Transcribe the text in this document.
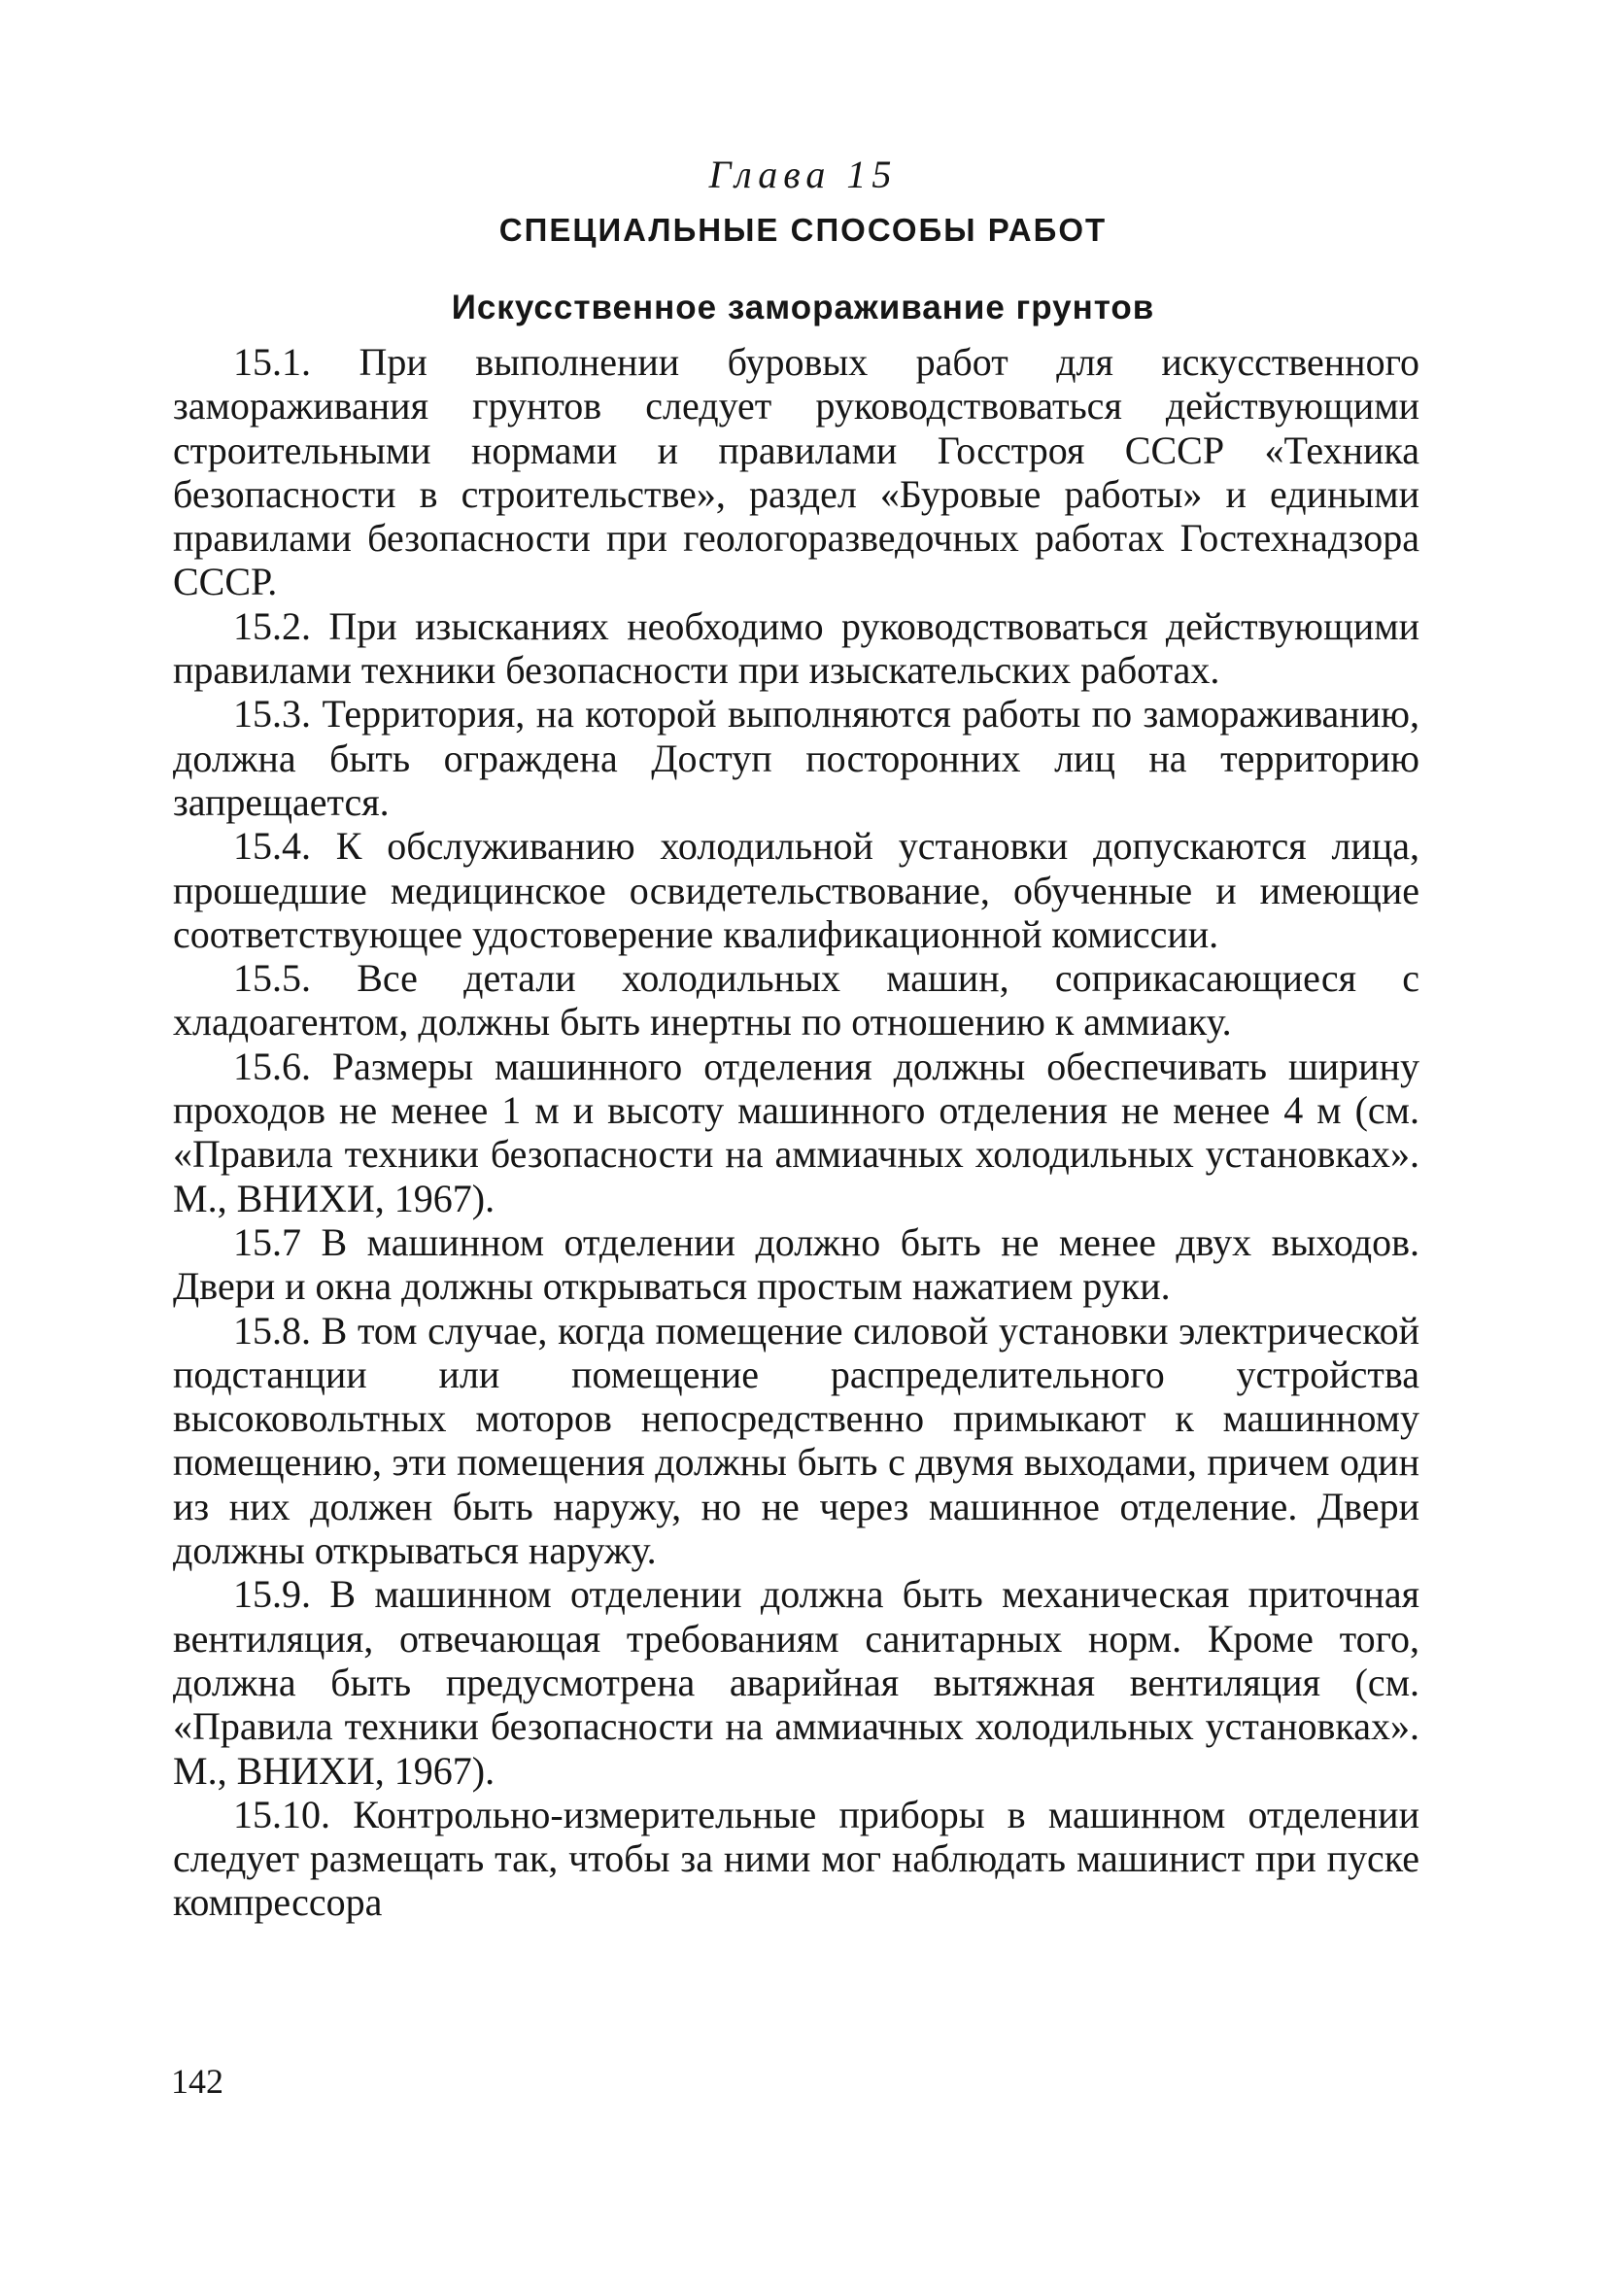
Глава 15
СПЕЦИАЛЬНЫЕ СПОСОБЫ РАБОТ
Искусственное замораживание грунтов

15.1. При выполнении буровых работ для искусственного замораживания грунтов следует руководствоваться действующими строительными нормами и правилами Госстроя СССР «Техника безопасности в строительстве», раздел «Буровые работы» и едиными правилами безопасности при геологоразведочных работах Гостехнадзора СССР.

15.2. При изысканиях необходимо руководствоваться действующими правилами техники безопасности при изыскательских работах.

15.3. Территория, на которой выполняются работы по замораживанию, должна быть ограждена Доступ посторонних лиц на территорию запрещается.

15.4. К обслуживанию холодильной установки допускаются лица, прошедшие медицинское освидетельствование, обученные и имеющие соответствующее удостоверение квалификационной комиссии.

15.5. Все детали холодильных машин, соприкасающиеся с хладоагентом, должны быть инертны по отношению к аммиаку.

15.6. Размеры машинного отделения должны обеспечивать ширину проходов не менее 1 м и высоту машинного отделения не менее 4 м (см. «Правила техники безопасности на аммиачных холодильных установках». М., ВНИХИ, 1967).

15.7 В машинном отделении должно быть не менее двух выходов. Двери и окна должны открываться простым нажатием руки.

15.8. В том случае, когда помещение силовой установки электрической подстанции или помещение распределительного устройства высоковольтных моторов непосредственно примыкают к машинному помещению, эти помещения должны быть с двумя выходами, причем один из них должен быть наружу, но не через машинное отделение. Двери должны открываться наружу.

15.9. В машинном отделении должна быть механическая приточная вентиляция, отвечающая требованиям санитарных норм. Кроме того, должна быть предусмотрена аварийная вытяжная вентиляция (см. «Правила техники безопасности на аммиачных холодильных установках». М., ВНИХИ, 1967).

15.10. Контрольно-измерительные приборы в машинном отделении следует размещать так, чтобы за ними мог наблюдать машинист при пуске компрессора

142
